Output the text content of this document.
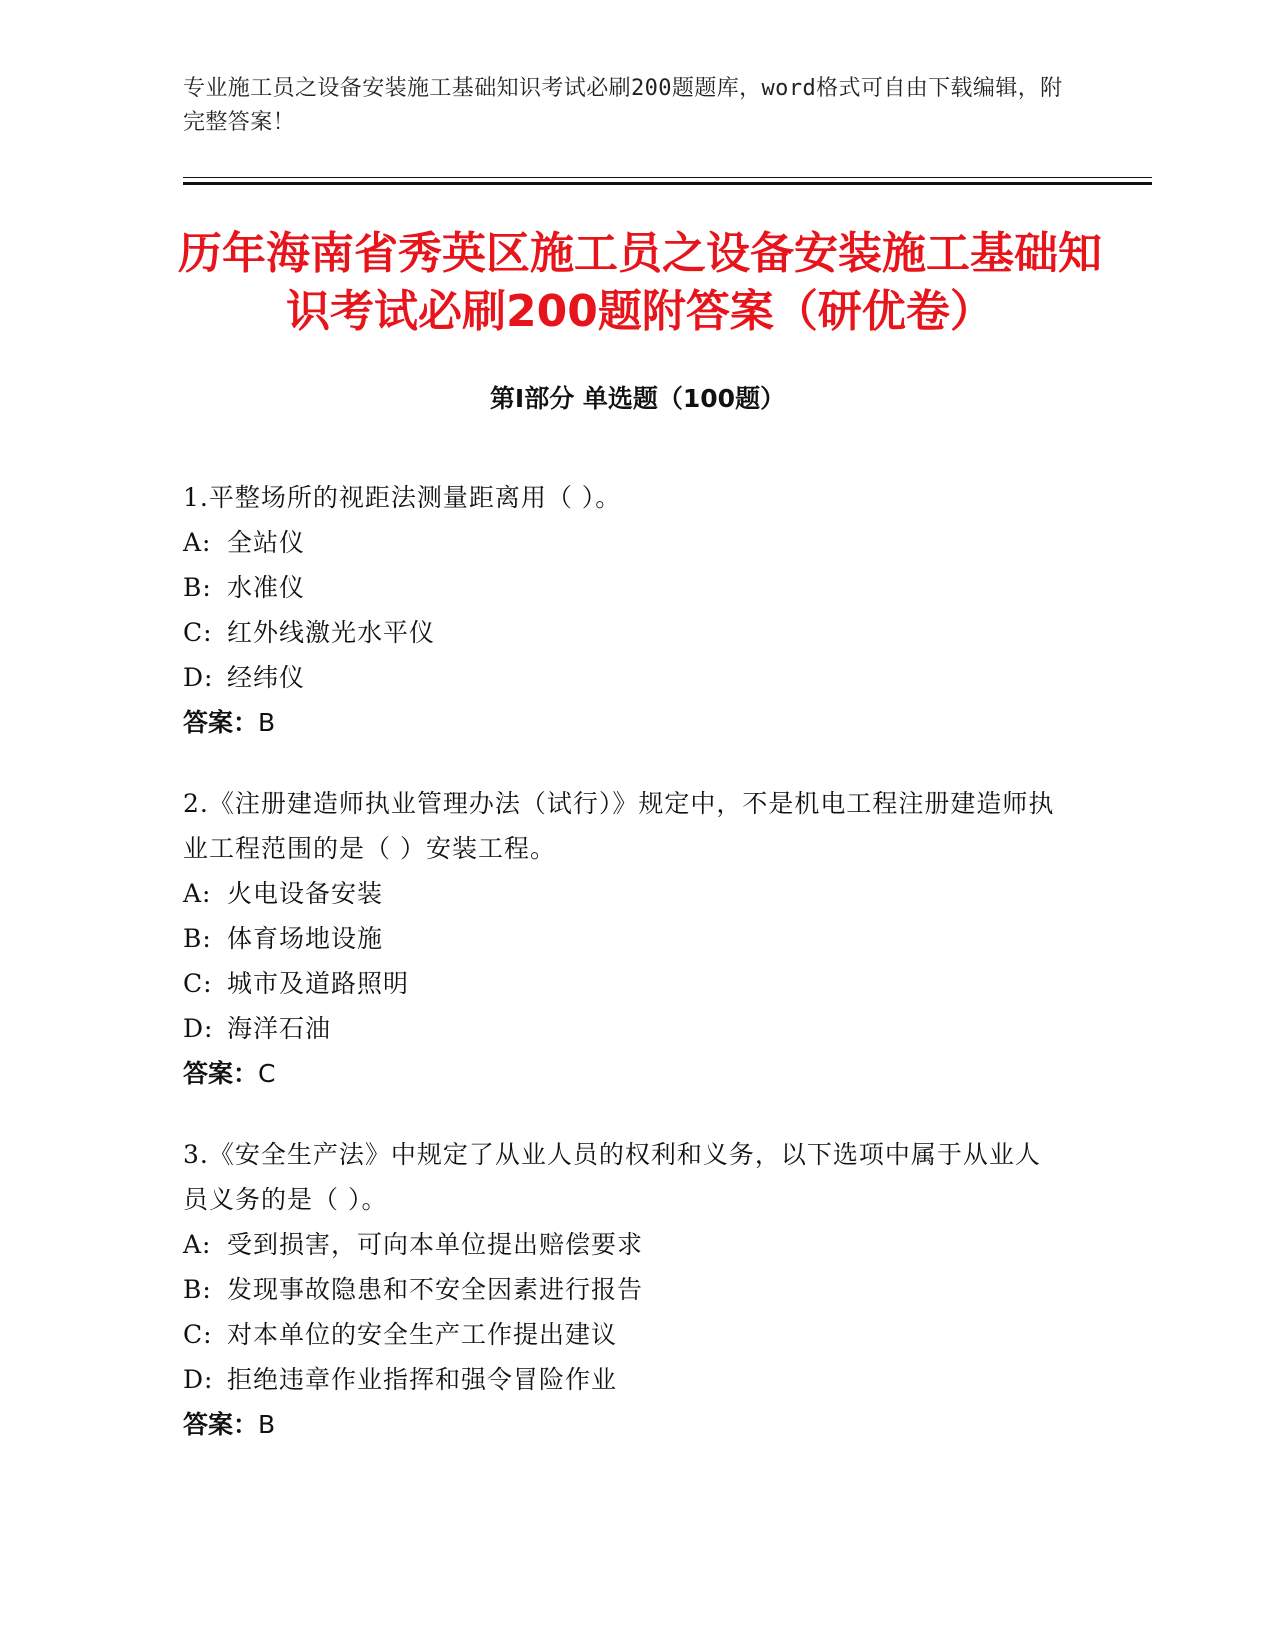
专业施工员之设备安装施工基础知识考试必刷200题题库，word格式可自由下载编辑，附完整答案！
历年海南省秀英区施工员之设备安装施工基础知识考试必刷200题附答案（研优卷）
第Ⅰ部分 单选题（100题）

1.平整场所的视距法测量距离用（ ）。

A: 全站仪
B: 水准仪
C: 红外线激光水平仪
D: 经纬仪
答案： B

2.《注册建造师执业管理办法（试行）》规定中，不是机电工程注册建造师执业工程范围的是（ ）安装工程。

A: 火电设备安装
B: 体育场地设施
C: 城市及道路照明
D: 海洋石油
答案： C

3.《安全生产法》中规定了从业人员的权利和义务，以下选项中属于从业人员义务的是（ ）。

A: 受到损害，可向本单位提出赔偿要求
B: 发现事故隐患和不安全因素进行报告
C: 对本单位的安全生产工作提出建议
D: 拒绝违章作业指挥和强令冒险作业
答案： B
